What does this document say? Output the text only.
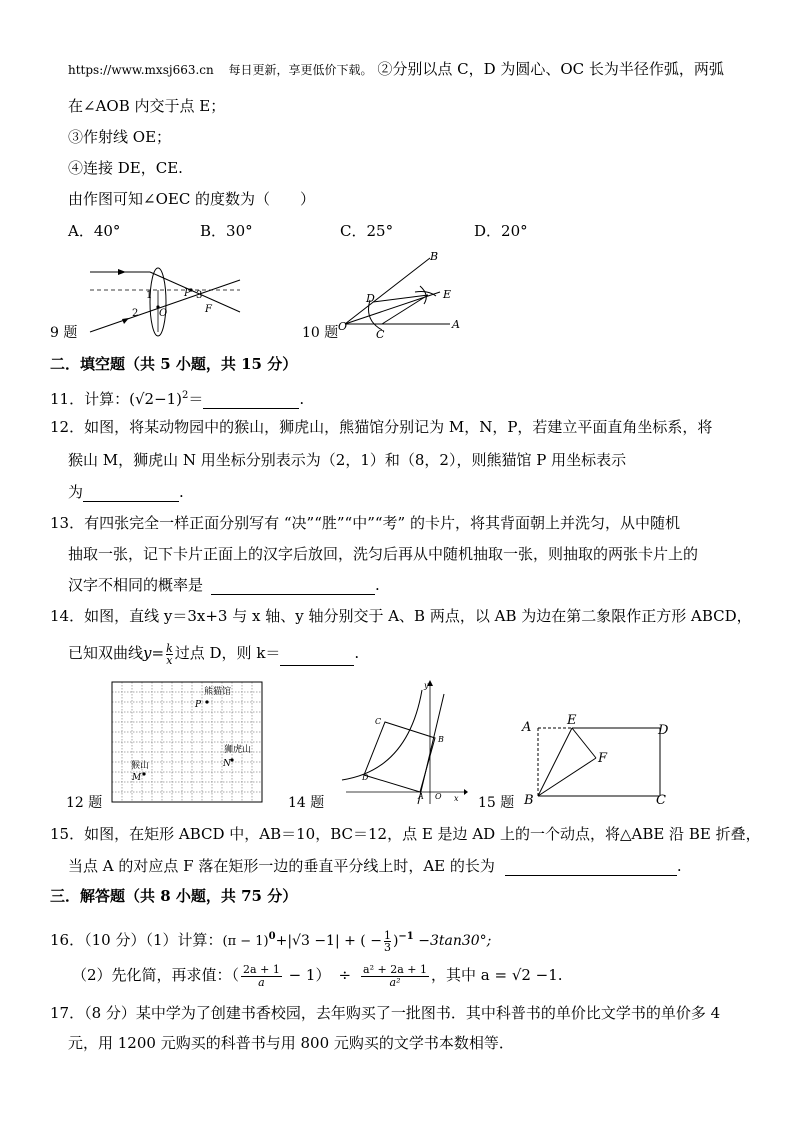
https://www.mxsj663.cn 每日更新，享更低价下载。 ②分别以点 C，D 为圆心、OC 长为半径作弧，两弧
在∠AOB 内交于点 E；
③作射线 OE；
④连接 DE，CE.
由作图可知∠OEC 的度数为（　　）
A．40°	B．30°	C．25°	D．20°
1
2
P 3
O	F
9 题
B
E
D
O
C
A
10 题
二．填空题（共 5 小题，共 15 分）
11．计算：$(√2-1)^2=$	.
12．如图，将某动物园中的猴山，狮虎山，熊猫馆分别记为 M，N，P，若建立平面直角坐标系，将
猴山 M，狮虎山 N 用坐标分别表示为（2，1）和（8，2），则熊猫馆 P 用坐标表示
为	.
13．有四张完全一样正面分别写有 “决”“胜”“中”“考” 的卡片，将其背面朝上并洗匀，从中随机
抽取一张，记下卡片正面上的汉字后放回，洗匀后再从中随机抽取一张，则抽取的两张卡片上的
汉字不相同的概率是	.
14．如图，直线 y＝3x+3 与 x 轴、y 轴分别交于 A、B 两点，以 AB 为边在第二象限作正方形 ABCD，
已知双曲线$y= \frac{k}{x}$ 过点 D，则 k＝	.
熊猫馆
P
狮虎山
N
猴山
M
12 题
y
C
B
D
A O x
14 题
A	E
D
F
B	C
15 题
15．如图，在矩形 ABCD 中，AB＝10，BC＝12，点 E 是边 AD 上的一个动点，将△ABE 沿 BE 折叠，
当点 A 的对应点 F 落在矩形一边的垂直平分线上时，AE 的长为	.
三．解答题（共 8 小题，共 75 分）
16．（10 分）（1）计算：$(\pi - 1)^0+|√3 -1|$ + ( − $\frac{1}{3} )^{-1} -3\tan 30^\circ$;
（2）先化简，再求值：（ $\frac{2a + 1}{a} - 1) \div \frac{\text{a² + 2a + 1}}{\text{a²}}$ ，其中 a = √2 −1.
17．（8 分）某中学为了创建书香校园，去年购买了一批图书．其中科普书的单价比文学书的单价多 4
元，用 1200 元购买的科普书与用 800 元购买的文学书本数相等．
